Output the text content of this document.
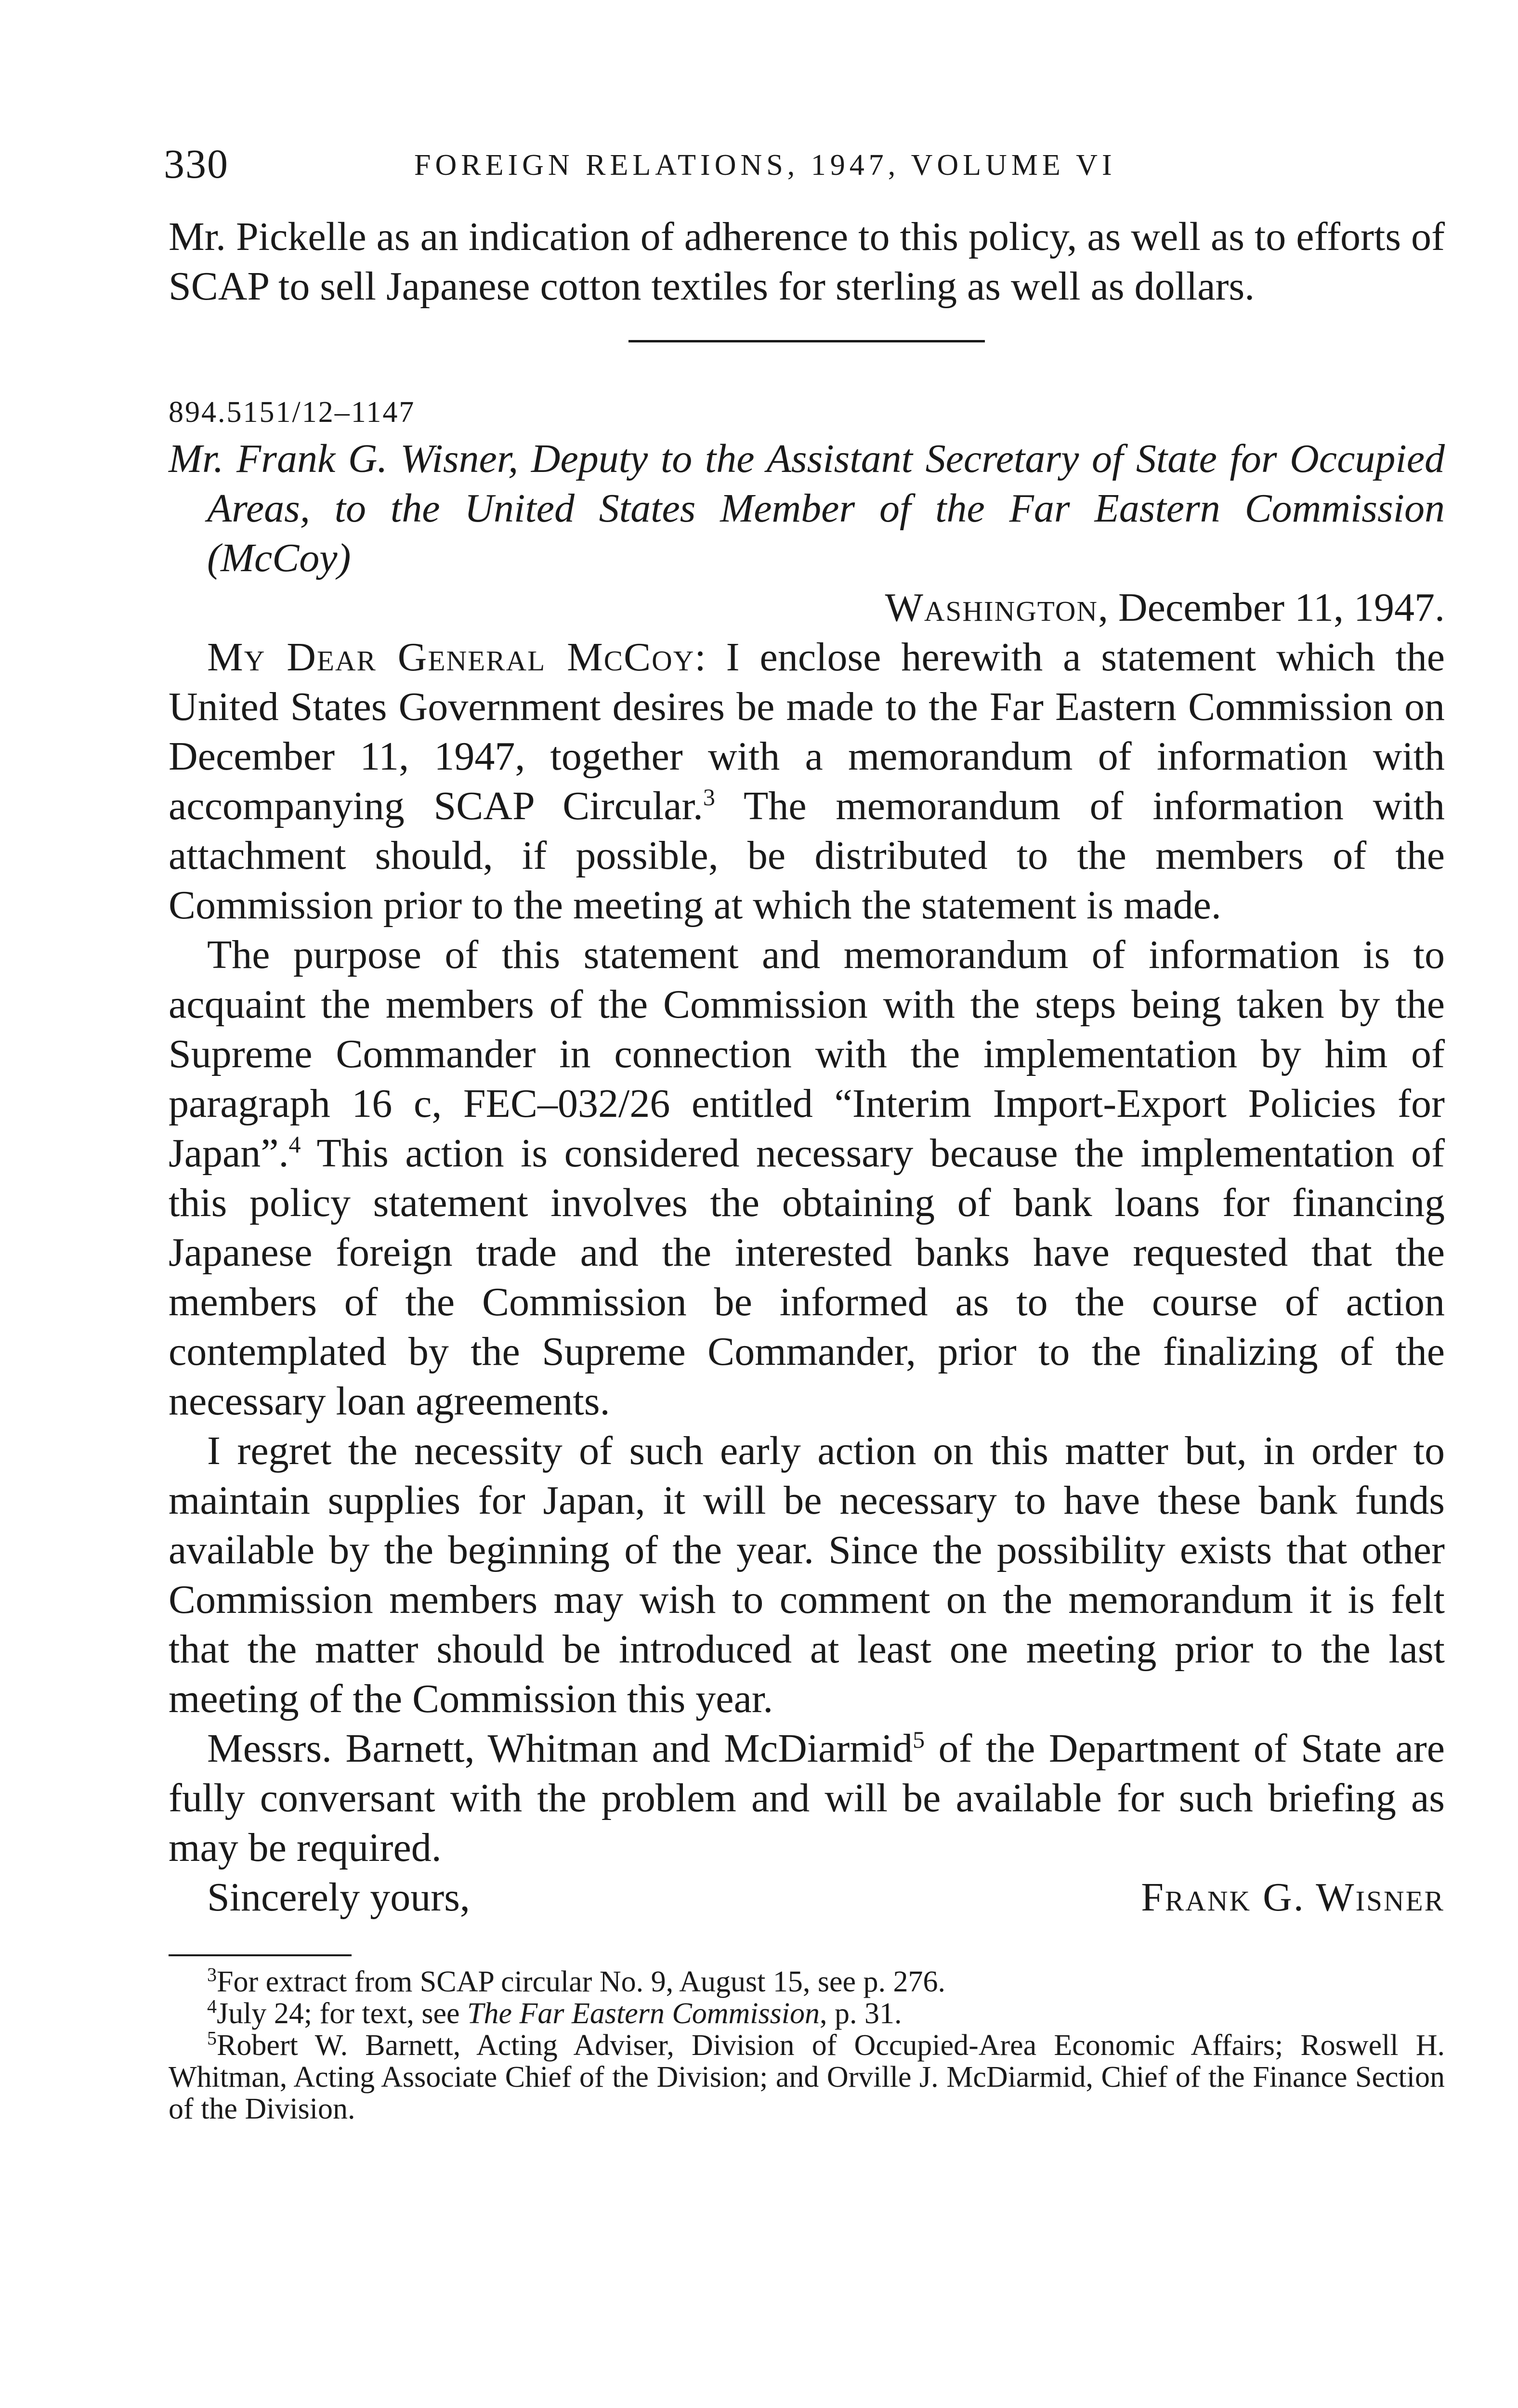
330	FOREIGN RELATIONS, 1947, VOLUME VI

Mr. Pickelle as an indication of adherence to this policy, as well as to efforts of SCAP to sell Japanese cotton textiles for sterling as well as dollars.

894.5151/12–1147

Mr. Frank G. Wisner, Deputy to the Assistant Secretary of State for Occupied Areas, to the United States Member of the Far Eastern Commission (McCoy)

Washington, December 11, 1947.

My Dear General McCoy: I enclose herewith a statement which the United States Government desires be made to the Far Eastern Commission on December 11, 1947, together with a memorandum of information with accompanying SCAP Circular.$^3$ The memorandum of information with attachment should, if possible, be distributed to the members of the Commission prior to the meeting at which the statement is made.

The purpose of this statement and memorandum of information is to acquaint the members of the Commission with the steps being taken by the Supreme Commander in connection with the implementation by him of paragraph 16 c, FEC–032/26 entitled “Interim Import-Export Policies for Japan”.$^4$ This action is considered necessary because the implementation of this policy statement involves the obtaining of bank loans for financing Japanese foreign trade and the interested banks have requested that the members of the Commission be informed as to the course of action contemplated by the Supreme Commander, prior to the finalizing of the necessary loan agreements.

I regret the necessity of such early action on this matter but, in order to maintain supplies for Japan, it will be necessary to have these bank funds available by the beginning of the year. Since the possibility exists that other Commission members may wish to comment on the memorandum it is felt that the matter should be introduced at least one meeting prior to the last meeting of the Commission this year.

Messrs. Barnett, Whitman and McDiarmid$^5$ of the Department of State are fully conversant with the problem and will be available for such briefing as may be required.

Sincerely yours,	Frank G. Wisner

$^3$For extract from SCAP circular No. 9, August 15, see p. 276.

$^4$July 24; for text, see The Far Eastern Commission, p. 31.

$^5$Robert W. Barnett, Acting Adviser, Division of Occupied-Area Economic Affairs; Roswell H. Whitman, Acting Associate Chief of the Division; and Orville J. McDiarmid, Chief of the Finance Section of the Division.
